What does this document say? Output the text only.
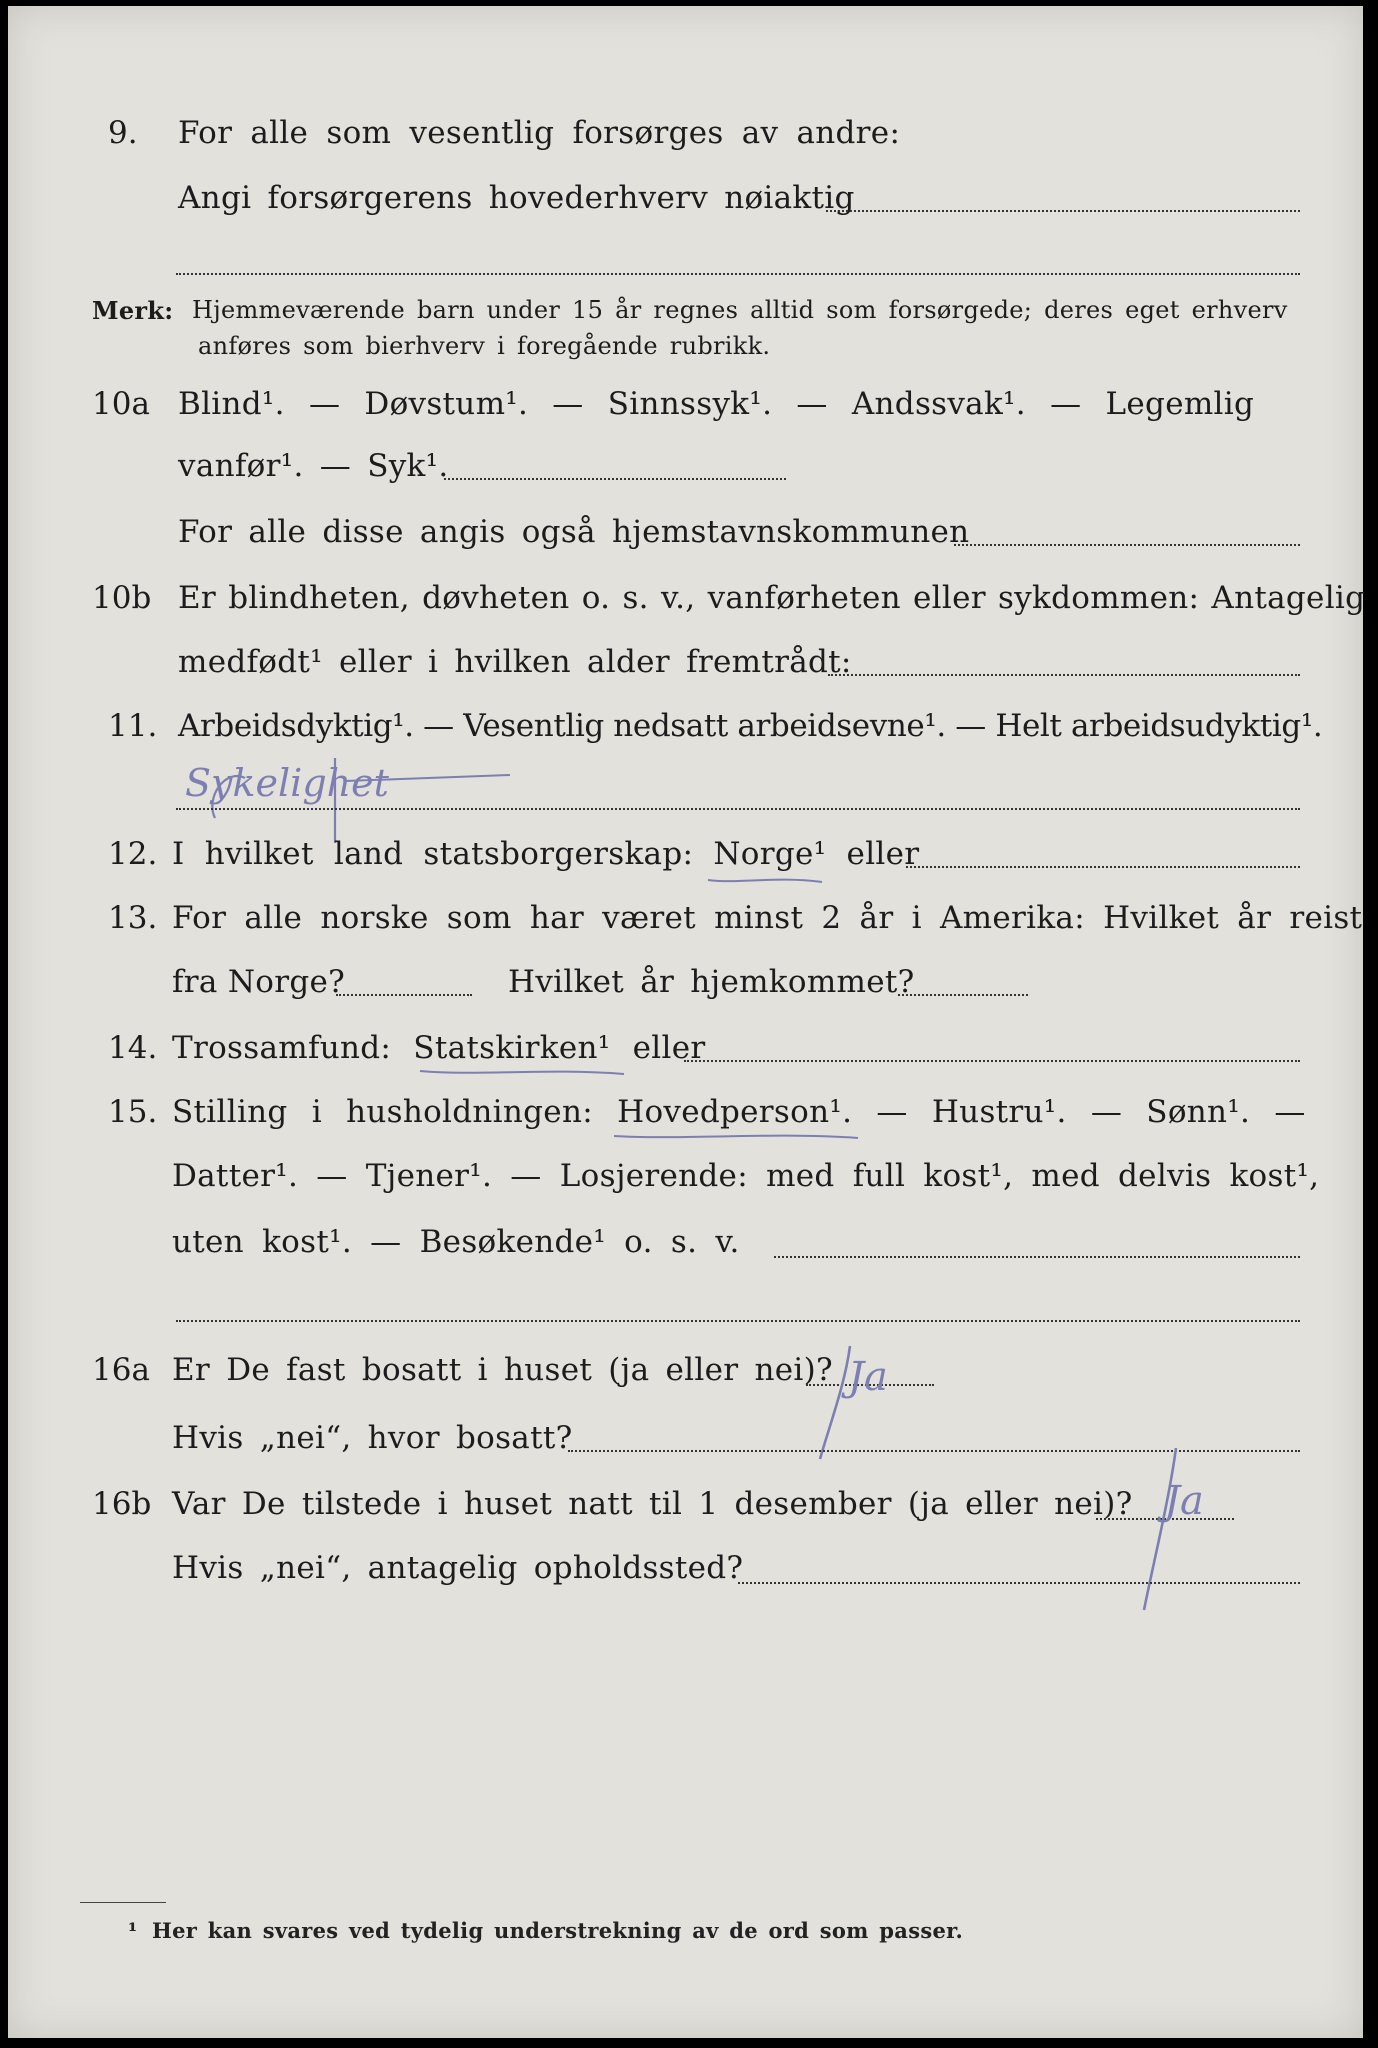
9. For alle som vesentlig forsørges av andre:
Angi forsørgerens hovederhverv nøiaktig
Merk: Hjemmeværende barn under 15 år regnes alltid som forsørgede; deres eget erhverv
anføres som bierhverv i foregående rubrikk.
10a Blind¹. — Døvstum¹. — Sinnssyk¹. — Andssvak¹. — Legemlig
vanfør¹. — Syk¹.
For alle disse angis også hjemstavnskommunen
10b Er blindheten, døvheten o. s. v., vanførheten eller sykdommen: Antagelig
medfødt¹ eller i hvilken alder fremtrådt:
11. Arbeidsdyktig¹. — Vesentlig nedsatt arbeidsevne¹. — Helt arbeidsudyktig¹.
Sykelighet
12. I hvilket land statsborgerskap: Norge¹ eller
13. For alle norske som har været minst 2 år i Amerika: Hvilket år reist
fra Norge?	Hvilket år hjemkommet?
14. Trossamfund: Statskirken¹ eller
15. Stilling i husholdningen: Hovedperson¹. — Hustru¹. — Sønn¹. —
Datter¹. — Tjener¹. — Losjerende: med full kost¹, med delvis kost¹,
uten kost¹. — Besøkende¹ o. s. v.
16a Er De fast bosatt i huset (ja eller nei)? Ja
Hvis „nei“, hvor bosatt?
16b Var De tilstede i huset natt til 1 desember (ja eller nei)? Ja
Hvis „nei“, antagelig opholdssted?
¹ Her kan svares ved tydelig understrekning av de ord som passer.
